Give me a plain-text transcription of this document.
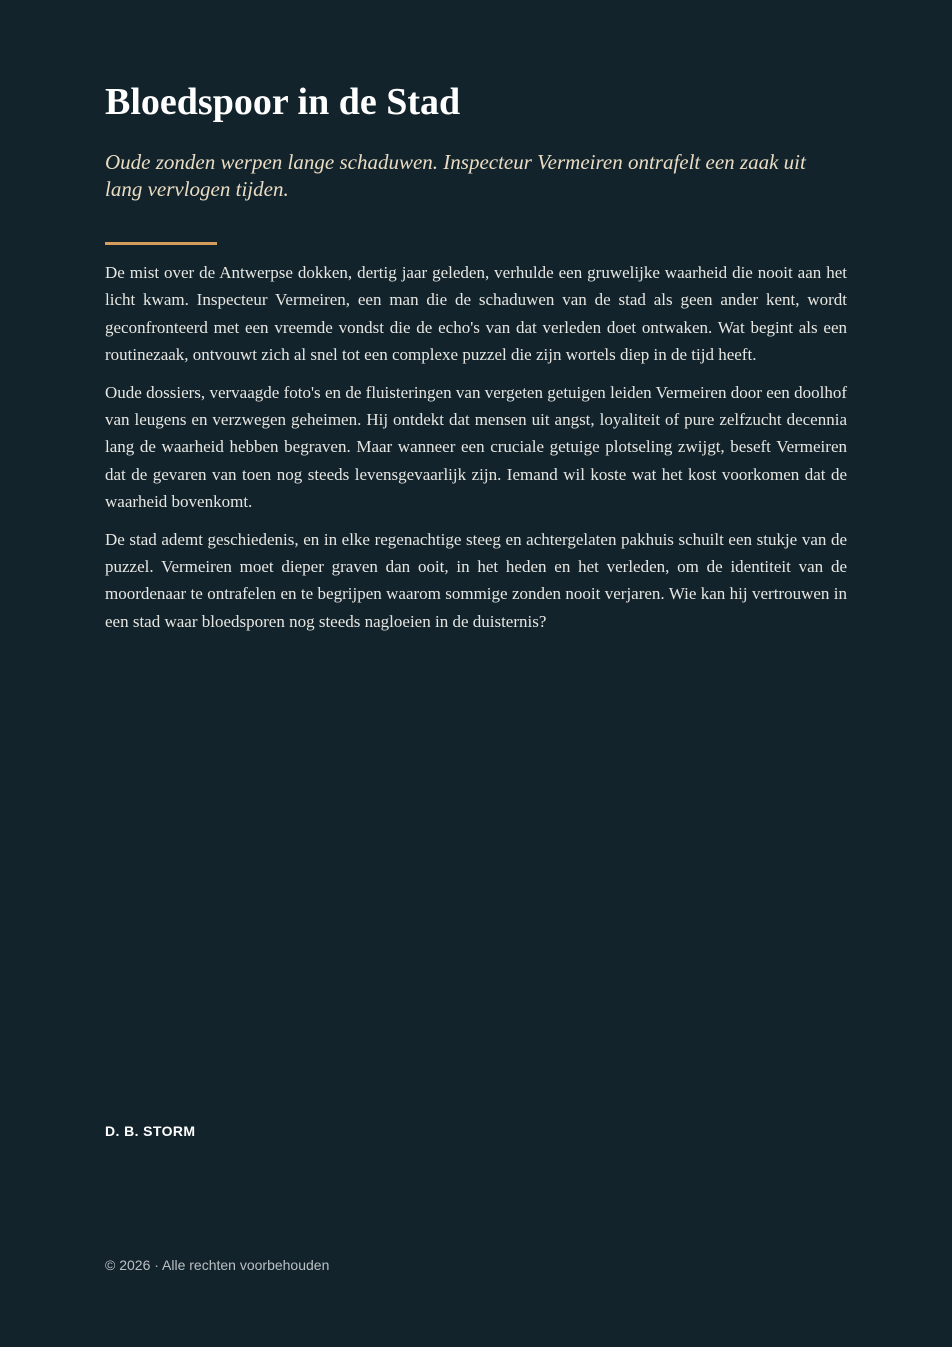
Bloedspoor in de Stad

Oude zonden werpen lange schaduwen. Inspecteur Vermeiren ontrafelt een zaak uit lang vervlogen tijden.

De mist over de Antwerpse dokken, dertig jaar geleden, verhulde een gruwelijke waarheid die nooit aan het licht kwam. Inspecteur Vermeiren, een man die de schaduwen van de stad als geen ander kent, wordt geconfronteerd met een vreemde vondst die de echo's van dat verleden doet ontwaken. Wat begint als een routinezaak, ontvouwt zich al snel tot een complexe puzzel die zijn wortels diep in de tijd heeft.

Oude dossiers, vervaagde foto's en de fluisteringen van vergeten getuigen leiden Vermeiren door een doolhof van leugens en verzwegen geheimen. Hij ontdekt dat mensen uit angst, loyaliteit of pure zelfzucht decennia lang de waarheid hebben begraven. Maar wanneer een cruciale getuige plotseling zwijgt, beseft Vermeiren dat de gevaren van toen nog steeds levensgevaarlijk zijn. Iemand wil koste wat het kost voorkomen dat de waarheid bovenkomt.

De stad ademt geschiedenis, en in elke regenachtige steeg en achtergelaten pakhuis schuilt een stukje van de puzzel. Vermeiren moet dieper graven dan ooit, in het heden en het verleden, om de identiteit van de moordenaar te ontrafelen en te begrijpen waarom sommige zonden nooit verjaren. Wie kan hij vertrouwen in een stad waar bloedsporen nog steeds nagloeien in de duisternis?

D. B. STORM
© 2026 · Alle rechten voorbehouden
